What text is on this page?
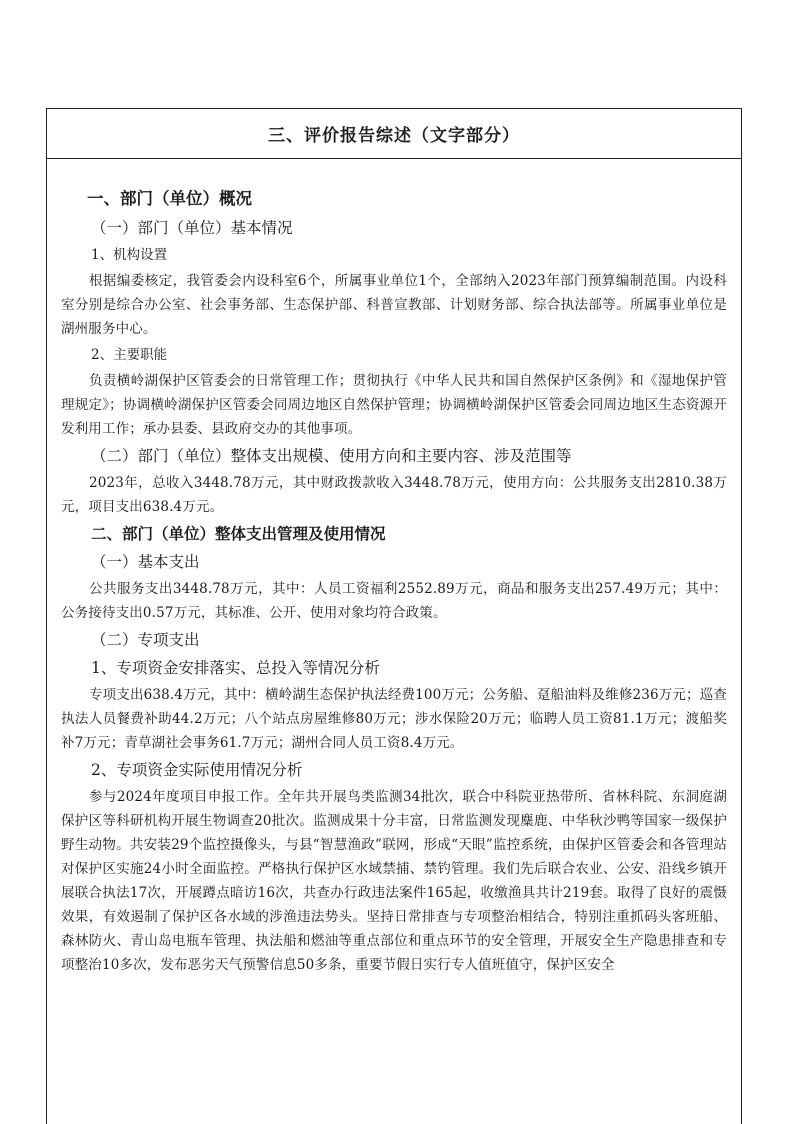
三、评价报告综述（文字部分）
一、部门（单位）概况
（一）部门（单位）基本情况
1、机构设置

根据编委核定，我管委会内设科室6个，所属事业单位1个，全部纳入2023年部门预算编制范围。内设科室分别是综合办公室、社会事务部、生态保护部、科普宣教部、计划财务部、综合执法部等。所属事业单位是湖州服务中心。

2、主要职能

负责横岭湖保护区管委会的日常管理工作；贯彻执行《中华人民共和国自然保护区条例》和《湿地保护管理规定》；协调横岭湖保护区管委会同周边地区自然保护管理；协调横岭湖保护区管委会同周边地区生态资源开发利用工作；承办县委、县政府交办的其他事项。

（二）部门（单位）整体支出规模、使用方向和主要内容、涉及范围等

2023年，总收入3448.78万元，其中财政拨款收入3448.78万元，使用方向：公共服务支出2810.38万元，项目支出638.4万元。

二、部门（单位）整体支出管理及使用情况
（一）基本支出

公共服务支出3448.78万元，其中：人员工资福利2552.89万元，商品和服务支出257.49万元；其中：公务接待支出0.57万元，其标准、公开、使用对象均符合政策。

（二）专项支出
1、专项资金安排落实、总投入等情况分析

专项支出638.4万元，其中：横岭湖生态保护执法经费100万元；公务船、趸船油料及维修236万元；巡查执法人员餐费补助44.2万元；八个站点房屋维修80万元；涉水保险20万元；临聘人员工资81.1万元；渡船奖补7万元；青草湖社会事务61.7万元；湖州合同人员工资8.4万元。

2、专项资金实际使用情况分析

参与2024年度项目申报工作。全年共开展鸟类监测34批次，联合中科院亚热带所、省林科院、东洞庭湖保护区等科研机构开展生物调查20批次。监测成果十分丰富，日常监测发现麋鹿、中华秋沙鸭等国家一级保护野生动物。共安装29个监控摄像头，与县“智慧渔政”联网，形成“天眼”监控系统，由保护区管委会和各管理站对保护区实施24小时全面监控。严格执行保护区水域禁捕、禁钓管理。我们先后联合农业、公安、沿线乡镇开展联合执法17次，开展蹲点暗访16次，共查办行政违法案件165起，收缴渔具共计219套。取得了良好的震慑效果，有效遏制了保护区各水域的涉渔违法势头。坚持日常排查与专项整治相结合，特别注重抓码头客班船、森林防火、青山岛电瓶车管理、执法船和燃油等重点部位和重点环节的安全管理，开展安全生产隐患排查和专项整治10多次，发布恶劣天气预警信息50多条，重要节假日实行专人值班值守，保护区安全
